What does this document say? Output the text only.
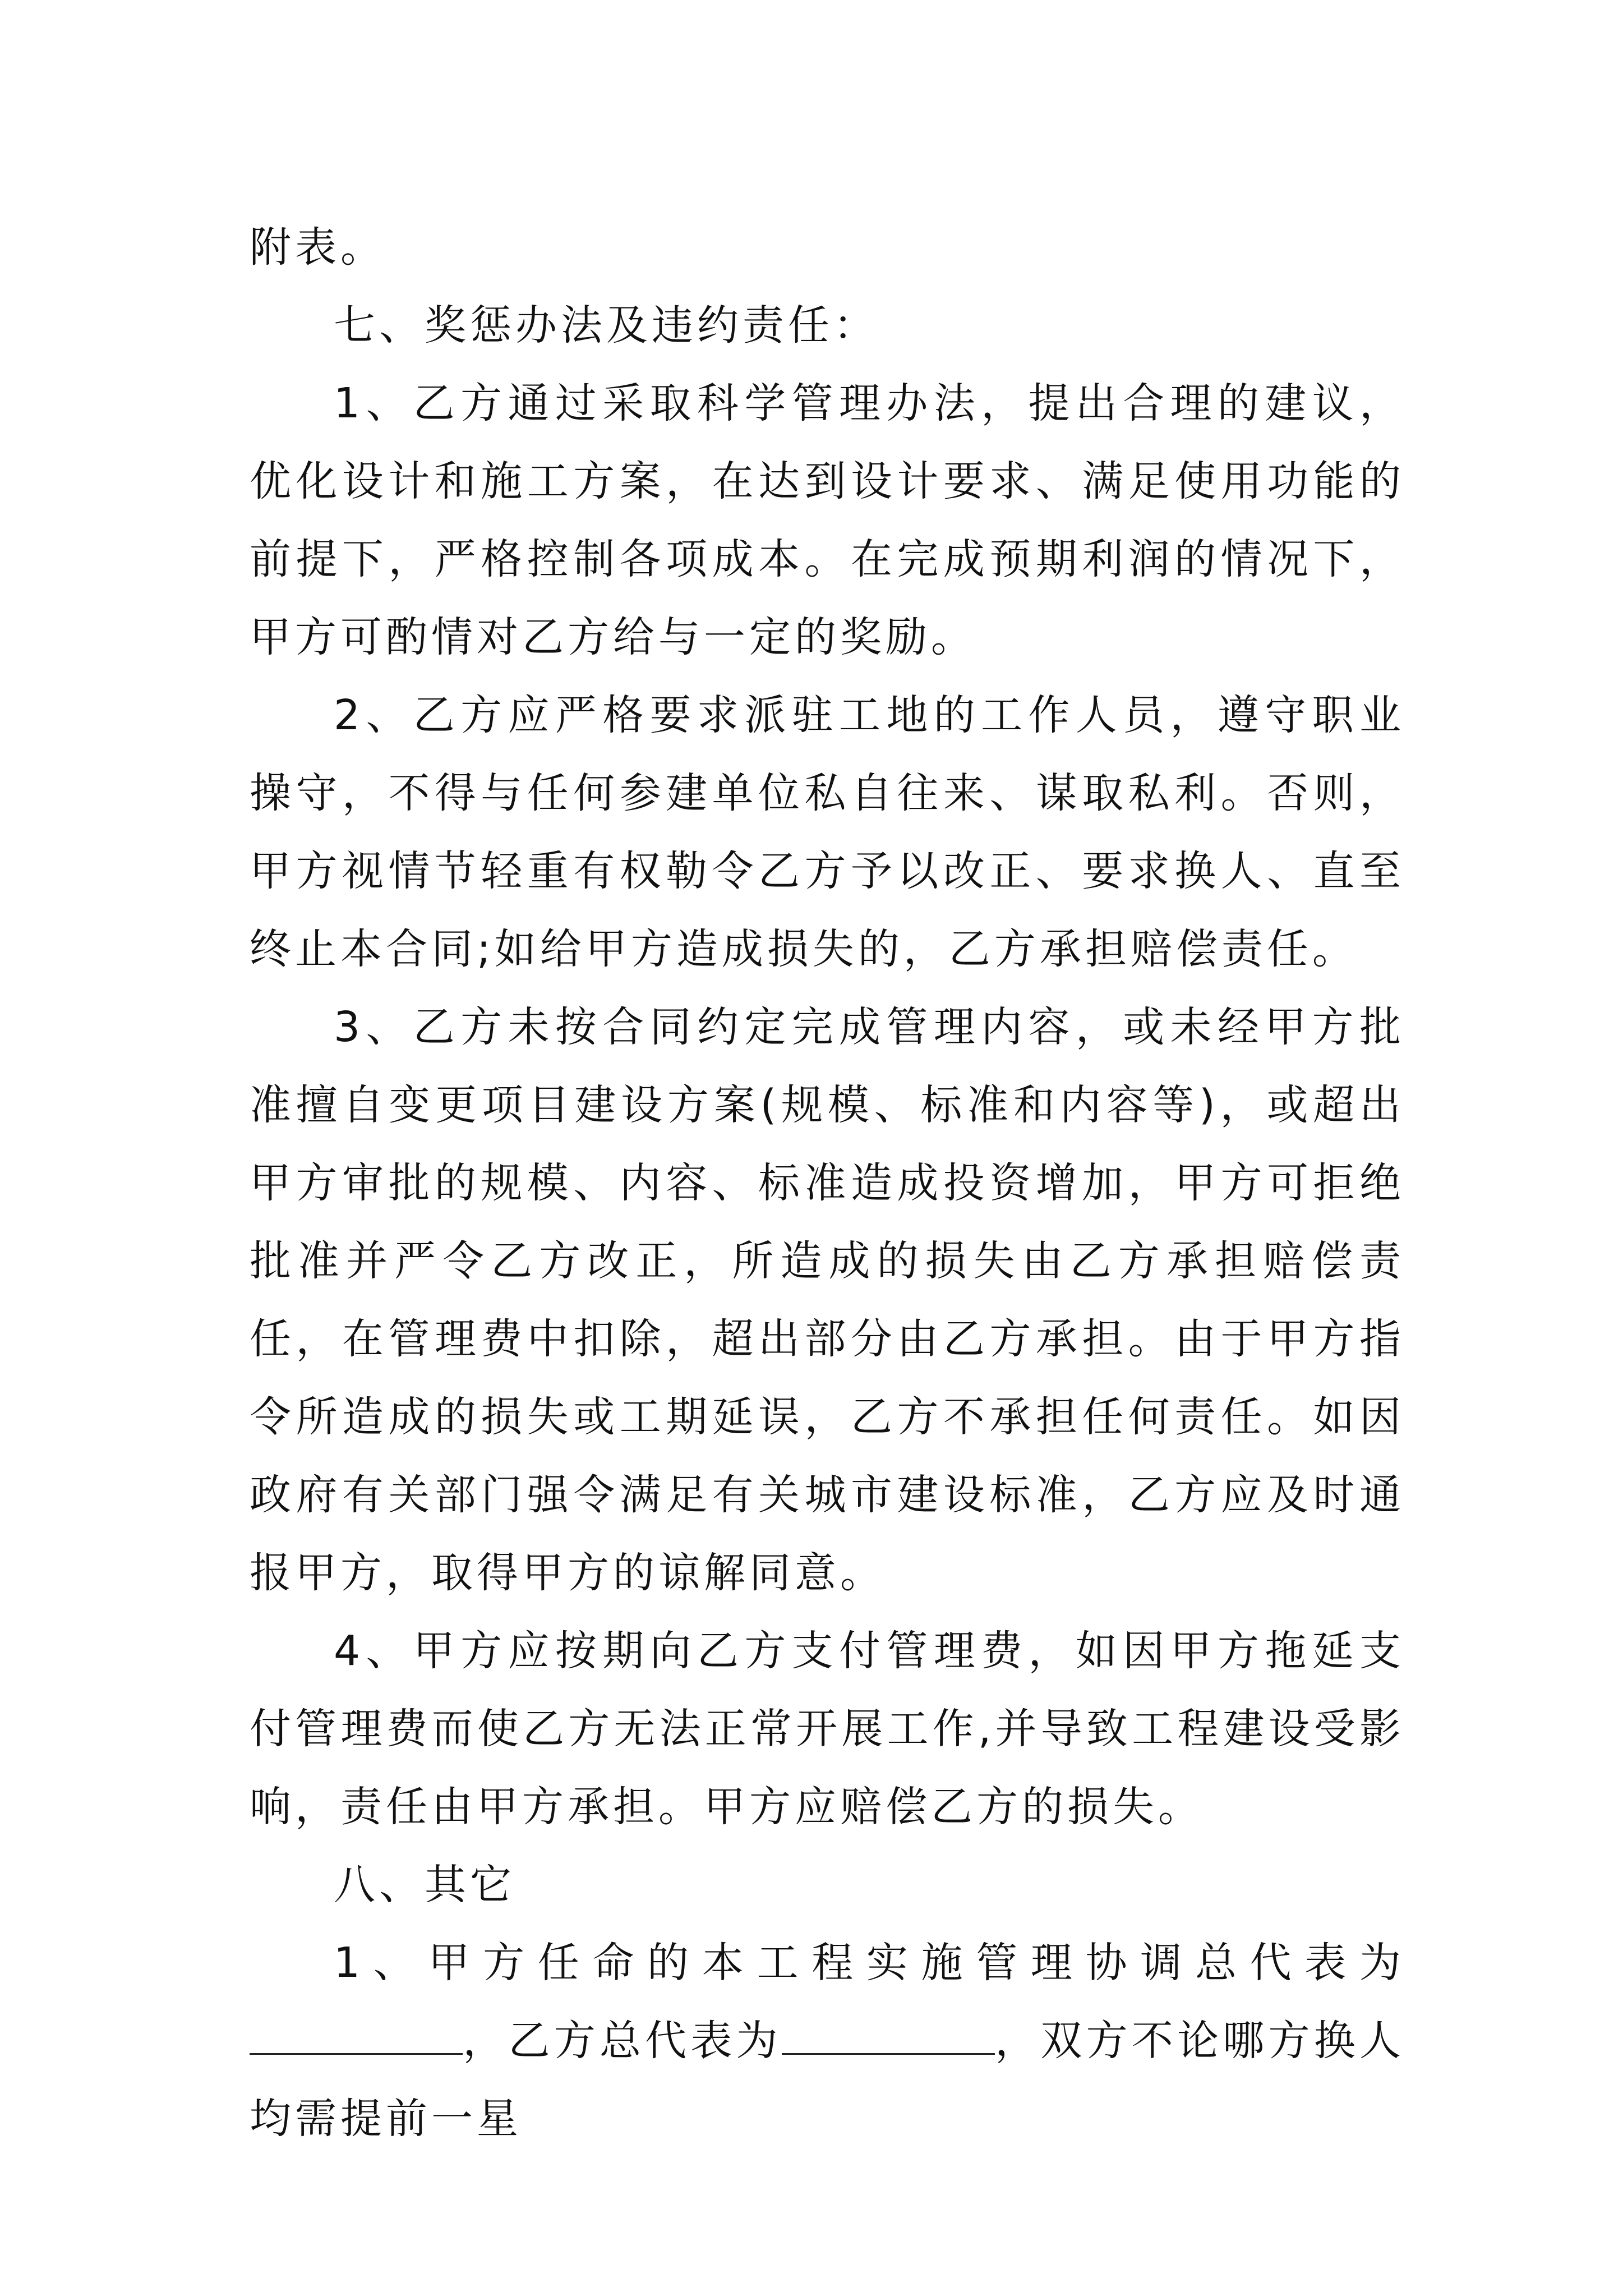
附表。

七、奖惩办法及违约责任：

1、乙方通过采取科学管理办法，提出合理的建议，优化设计和施工方案，在达到设计要求、满足使用功能的前提下，严格控制各项成本。在完成预期利润的情况下，甲方可酌情对乙方给与一定的奖励。

2、乙方应严格要求派驻工地的工作人员，遵守职业操守，不得与任何参建单位私自往来、谋取私利。否则，甲方视情节轻重有权勒令乙方予以改正、要求换人、直至终止本合同;如给甲方造成损失的，乙方承担赔偿责任。

3、乙方未按合同约定完成管理内容，或未经甲方批准擅自变更项目建设方案(规模、标准和内容等)，或超出甲方审批的规模、内容、标准造成投资增加，甲方可拒绝批准并严令乙方改正，所造成的损失由乙方承担赔偿责任，在管理费中扣除，超出部分由乙方承担。由于甲方指令所造成的损失或工期延误，乙方不承担任何责任。如因政府有关部门强令满足有关城市建设标准，乙方应及时通报甲方，取得甲方的谅解同意。

4、甲方应按期向乙方支付管理费，如因甲方拖延支付管理费而使乙方无法正常开展工作,并导致工程建设受影响，责任由甲方承担。甲方应赔偿乙方的损失。

八、其它

1、甲方任命的本工程实施管理协调总代表为，乙方总代表为	，双方不论哪方换人均需提前一星
